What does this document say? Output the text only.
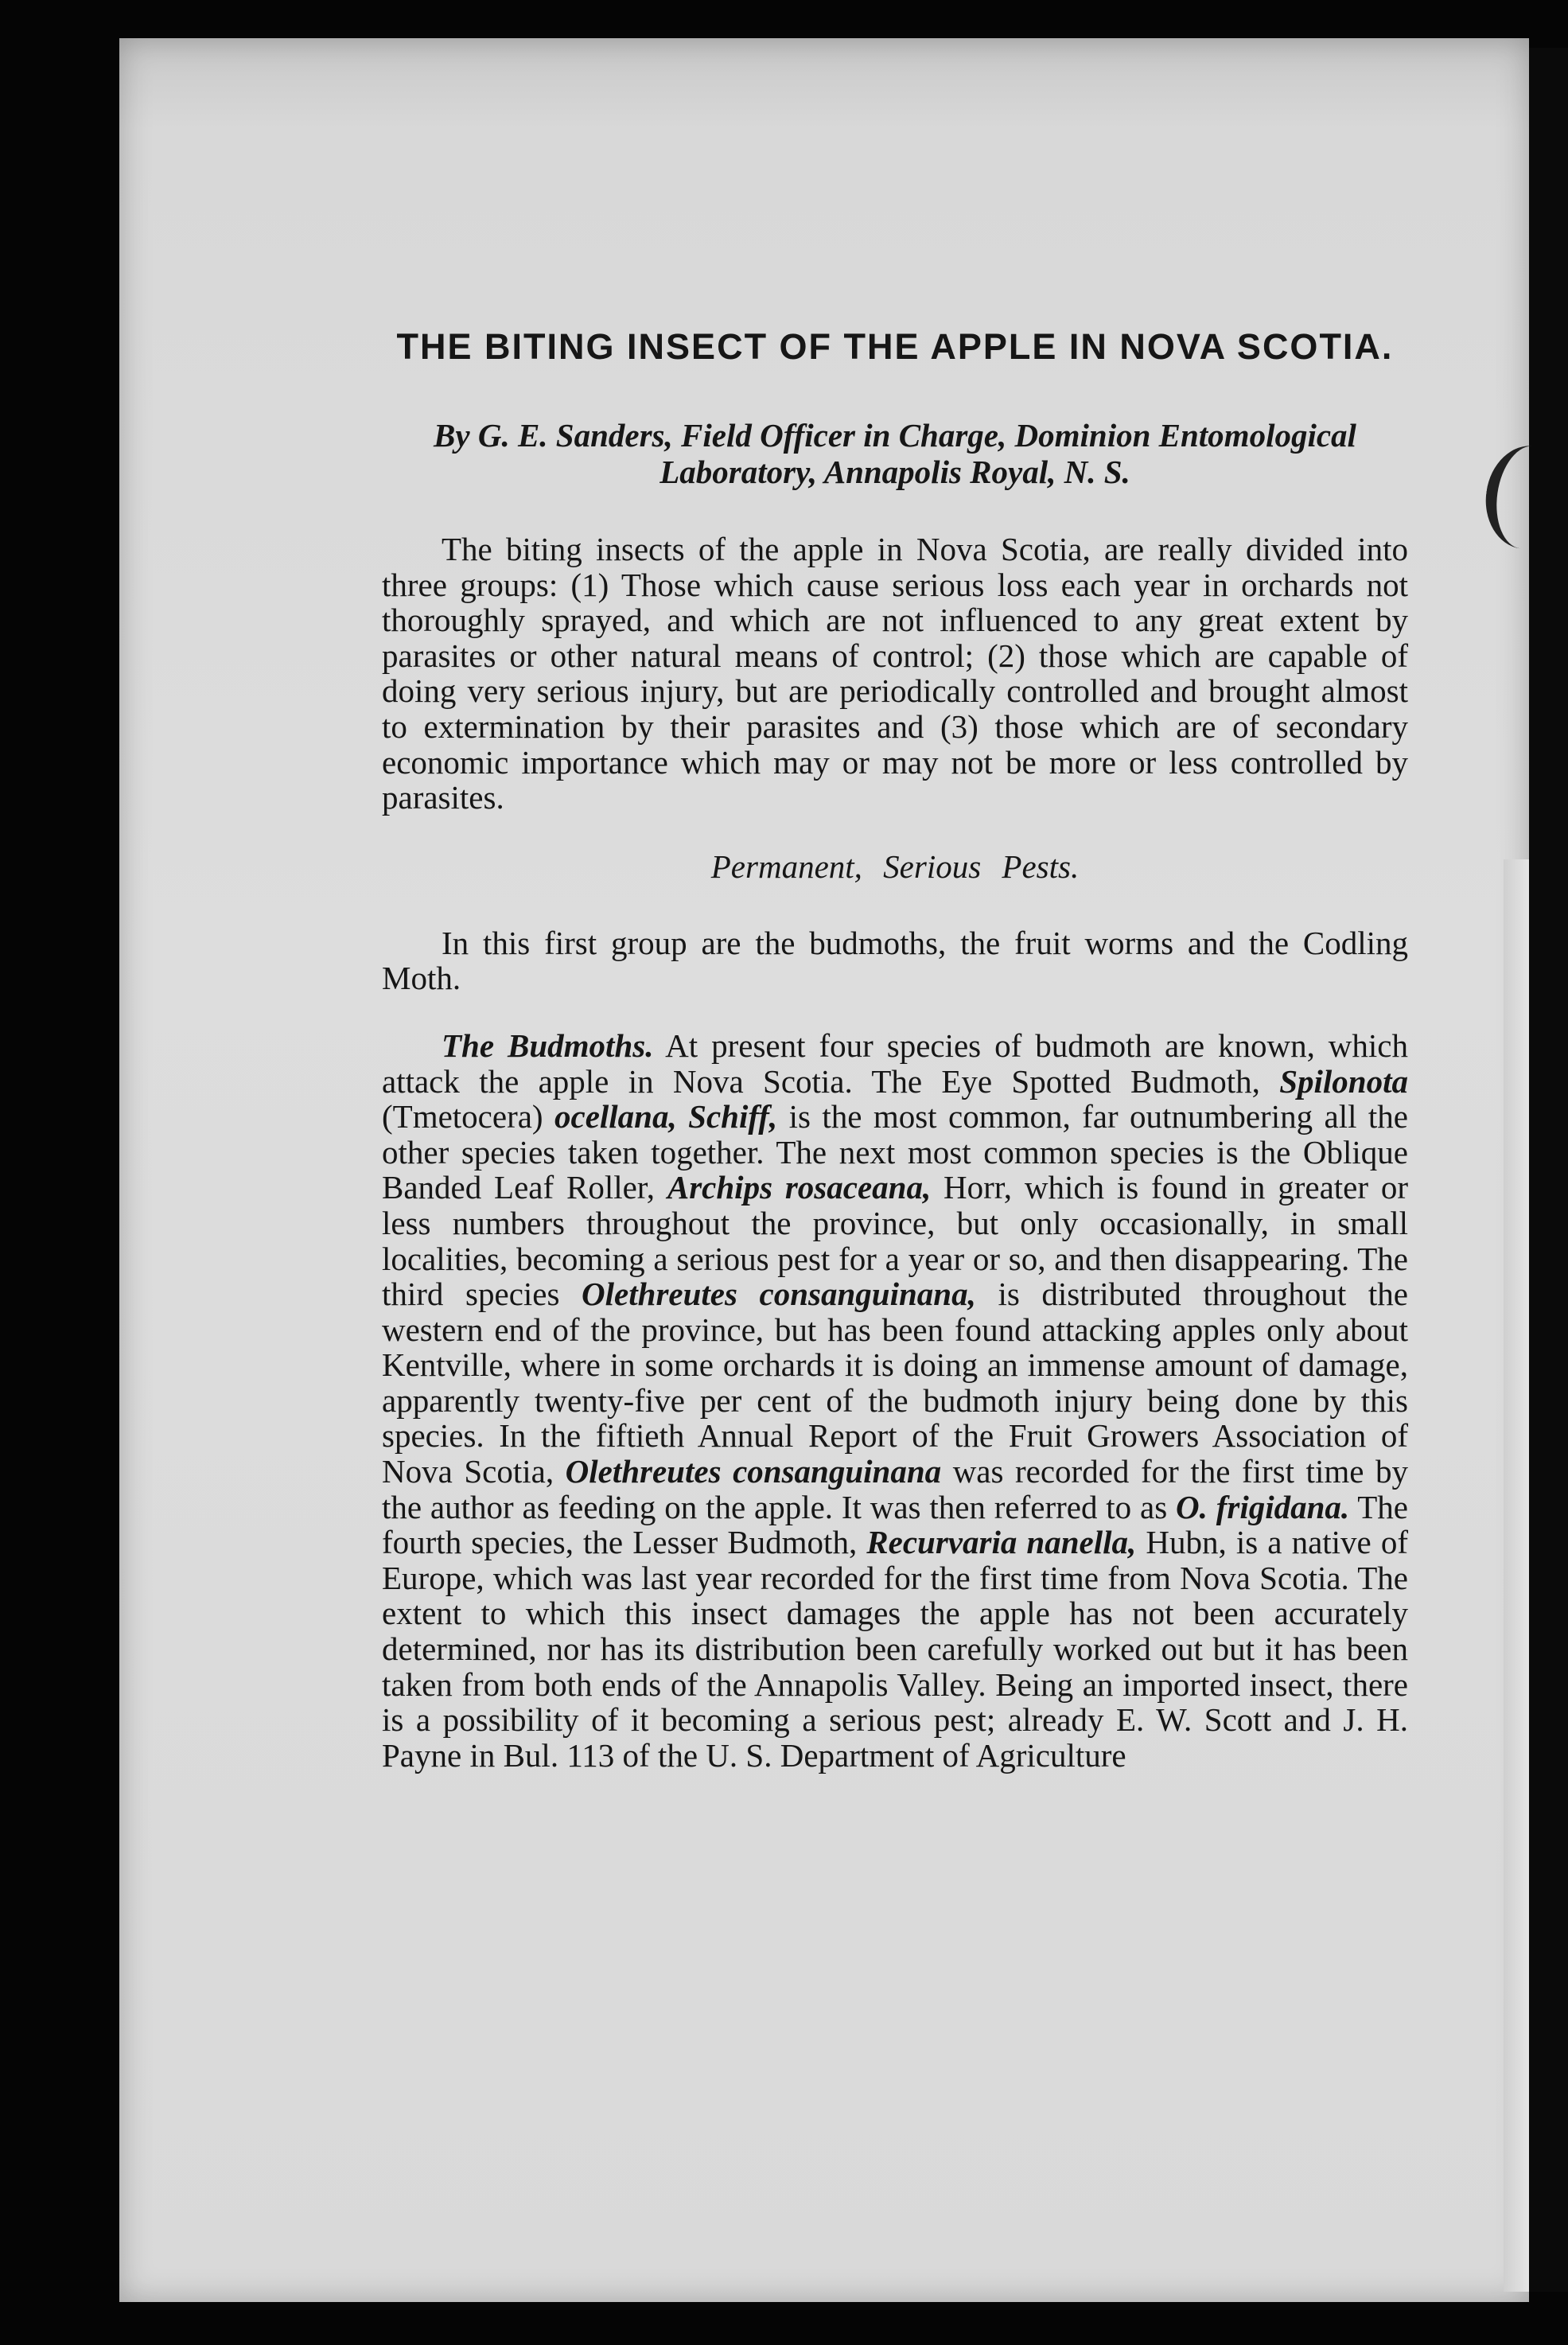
THE BITING INSECT OF THE APPLE IN NOVA SCOTIA.
By G. E. Sanders, Field Officer in Charge, Dominion Entomological Laboratory, Annapolis Royal, N. S.

The biting insects of the apple in Nova Scotia, are really divided into three groups: (1) Those which cause serious loss each year in orchards not thoroughly sprayed, and which are not influenced to any great extent by parasites or other natural means of control; (2) those which are capable of doing very serious injury, but are periodically controlled and brought almost to extermination by their parasites and (3) those which are of secondary economic importance which may or may not be more or less controlled by parasites.

Permanent, Serious Pests.

In this first group are the budmoths, the fruit worms and the Codling Moth.

The Budmoths. At present four species of budmoth are known, which attack the apple in Nova Scotia. The Eye Spotted Budmoth, Spilonota (Tmetocera) ocellana, Schiff, is the most common, far outnumbering all the other species taken together. The next most common species is the Oblique Banded Leaf Roller, Archips rosaceana, Horr, which is found in greater or less numbers throughout the province, but only occasionally, in small localities, becoming a serious pest for a year or so, and then disappearing. The third species Olethreutes consanguinana, is distributed throughout the western end of the province, but has been found attacking apples only about Kentville, where in some orchards it is doing an immense amount of damage, apparently twenty-five per cent of the budmoth injury being done by this species. In the fiftieth Annual Report of the Fruit Growers Association of Nova Scotia, Olethreutes consanguinana was recorded for the first time by the author as feeding on the apple. It was then referred to as O. frigidana. The fourth species, the Lesser Budmoth, Recurvaria nanella, Hubn, is a native of Europe, which was last year recorded for the first time from Nova Scotia. The extent to which this insect damages the apple has not been accurately determined, nor has its distribution been carefully worked out but it has been taken from both ends of the Annapolis Valley. Being an imported insect, there is a possibility of it becoming a serious pest; already E. W. Scott and J. H. Payne in Bul. 113 of the U. S. Department of Agriculture
